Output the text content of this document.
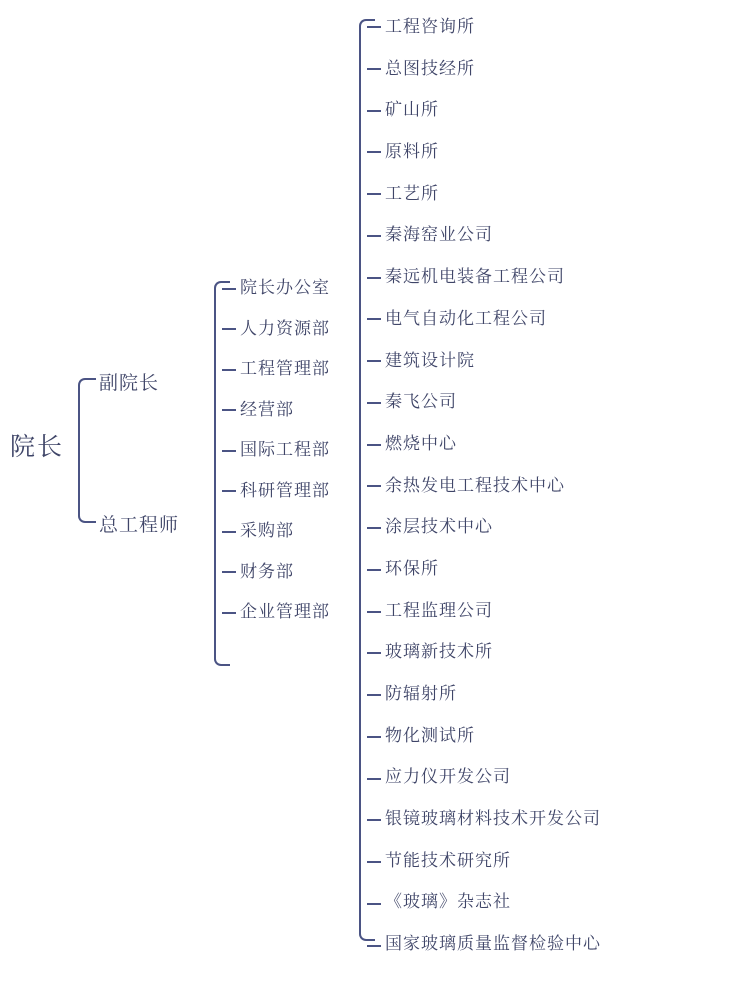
院长
副院长
总工程师
院长办公室
人力资源部
工程管理部
经营部
国际工程部
科研管理部
采购部
财务部
企业管理部
工程咨询所
总图技经所
矿山所
原料所
工艺所
秦海窑业公司
秦远机电装备工程公司
电气自动化工程公司
建筑设计院
秦飞公司
燃烧中心
余热发电工程技术中心
涂层技术中心
环保所
工程监理公司
玻璃新技术所
防辐射所
物化测试所
应力仪开发公司
银镜玻璃材料技术开发公司
节能技术研究所
《玻璃》杂志社
国家玻璃质量监督检验中心
